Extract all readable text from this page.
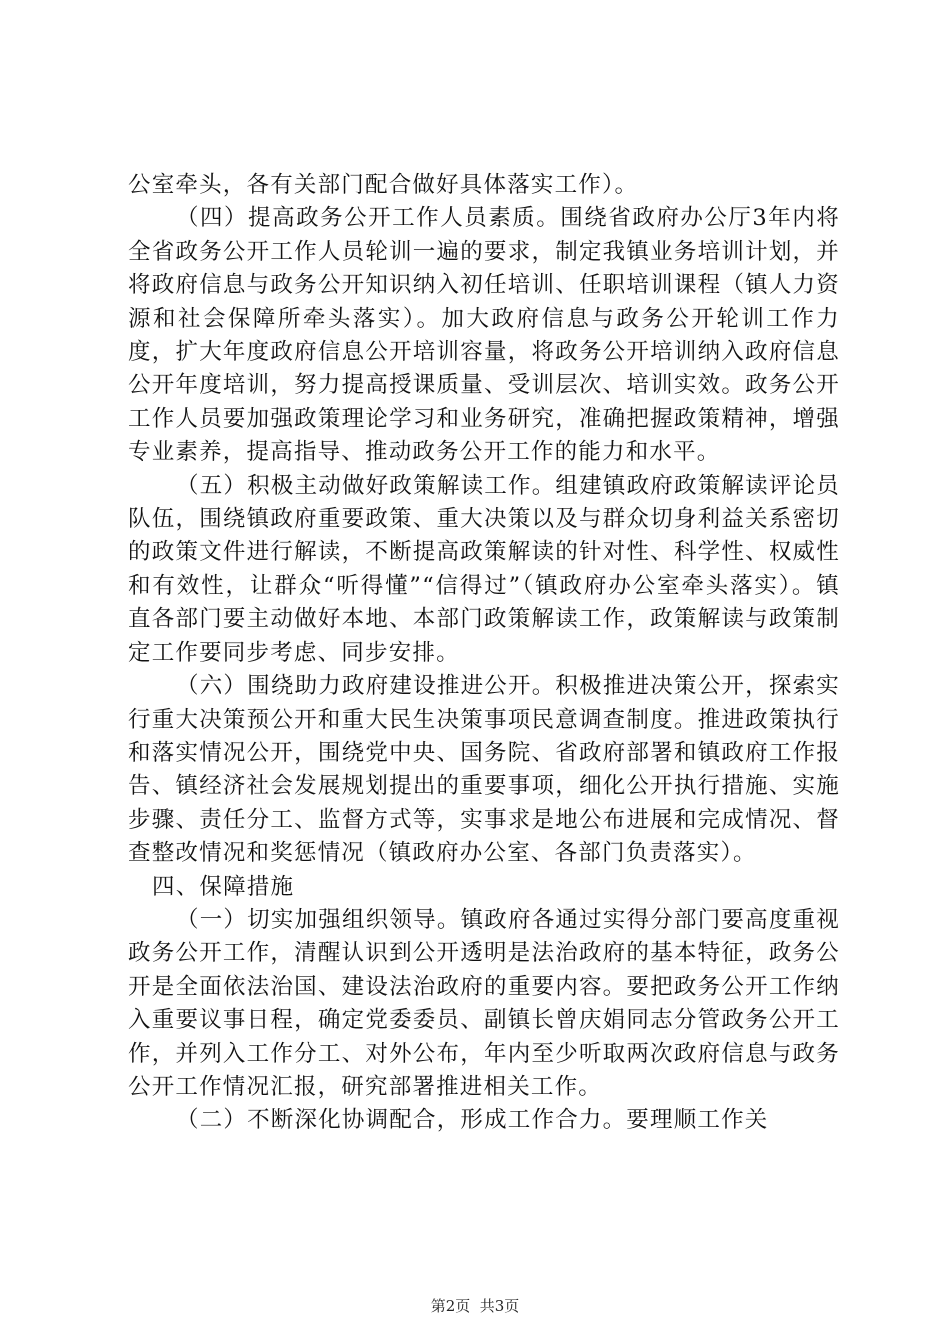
公室牵头，各有关部门配合做好具体落实工作）。

（四）提高政务公开工作人员素质。围绕省政府办公厅3年内将全省政务公开工作人员轮训一遍的要求，制定我镇业务培训计划，并将政府信息与政务公开知识纳入初任培训、任职培训课程（镇人力资源和社会保障所牵头落实）。加大政府信息与政务公开轮训工作力度，扩大年度政府信息公开培训容量，将政务公开培训纳入政府信息公开年度培训，努力提高授课质量、受训层次、培训实效。政务公开工作人员要加强政策理论学习和业务研究，准确把握政策精神，增强专业素养，提高指导、推动政务公开工作的能力和水平。

（五）积极主动做好政策解读工作。组建镇政府政策解读评论员队伍，围绕镇政府重要政策、重大决策以及与群众切身利益关系密切的政策文件进行解读，不断提高政策解读的针对性、科学性、权威性和有效性，让群众“听得懂”“信得过”（镇政府办公室牵头落实）。镇直各部门要主动做好本地、本部门政策解读工作，政策解读与政策制定工作要同步考虑、同步安排。

（六）围绕助力政府建设推进公开。积极推进决策公开，探索实行重大决策预公开和重大民生决策事项民意调查制度。推进政策执行和落实情况公开，围绕党中央、国务院、省政府部署和镇政府工作报告、镇经济社会发展规划提出的重要事项，细化公开执行措施、实施步骤、责任分工、监督方式等，实事求是地公布进展和完成情况、督查整改情况和奖惩情况（镇政府办公室、各部门负责落实）。

四、保障措施

（一）切实加强组织领导。镇政府各通过实得分部门要高度重视政务公开工作，清醒认识到公开透明是法治政府的基本特征，政务公开是全面依法治国、建设法治政府的重要内容。要把政务公开工作纳入重要议事日程，确定党委委员、副镇长曾庆娟同志分管政务公开工作，并列入工作分工、对外公布，年内至少听取两次政府信息与政务公开工作情况汇报，研究部署推进相关工作。

（二）不断深化协调配合，形成工作合力。要理顺工作关

第2页  共3页
